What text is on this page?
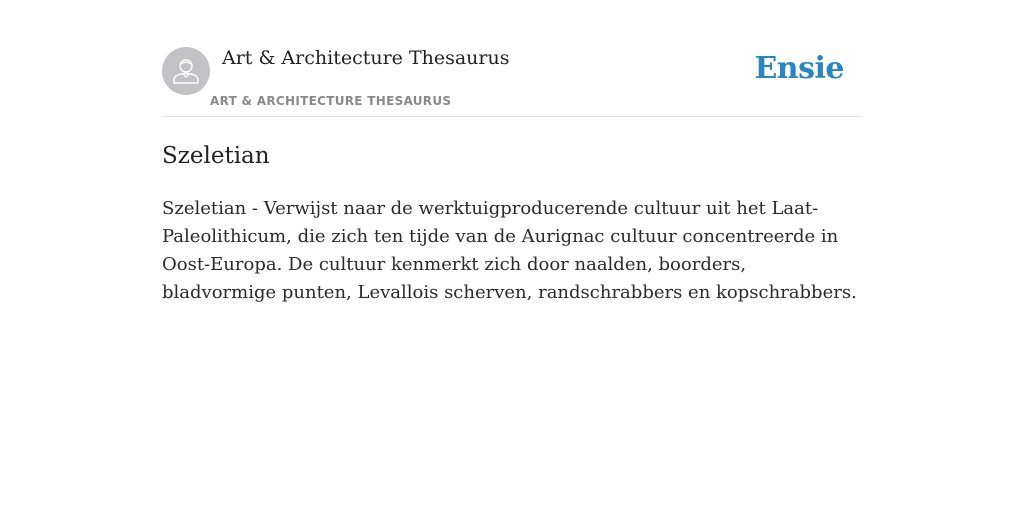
Art & Architecture Thesaurus
ART & ARCHITECTURE THESAURUS
Ensie
Szeletian

Szeletian - Verwijst naar de werktuigproducerende cultuur uit het Laat-Paleolithicum, die zich ten tijde van de Aurignac cultuur concentreerde in Oost-Europa. De cultuur kenmerkt zich door naalden, boorders, bladvormige punten, Levallois scherven, randschrabbers en kopschrabbers.
